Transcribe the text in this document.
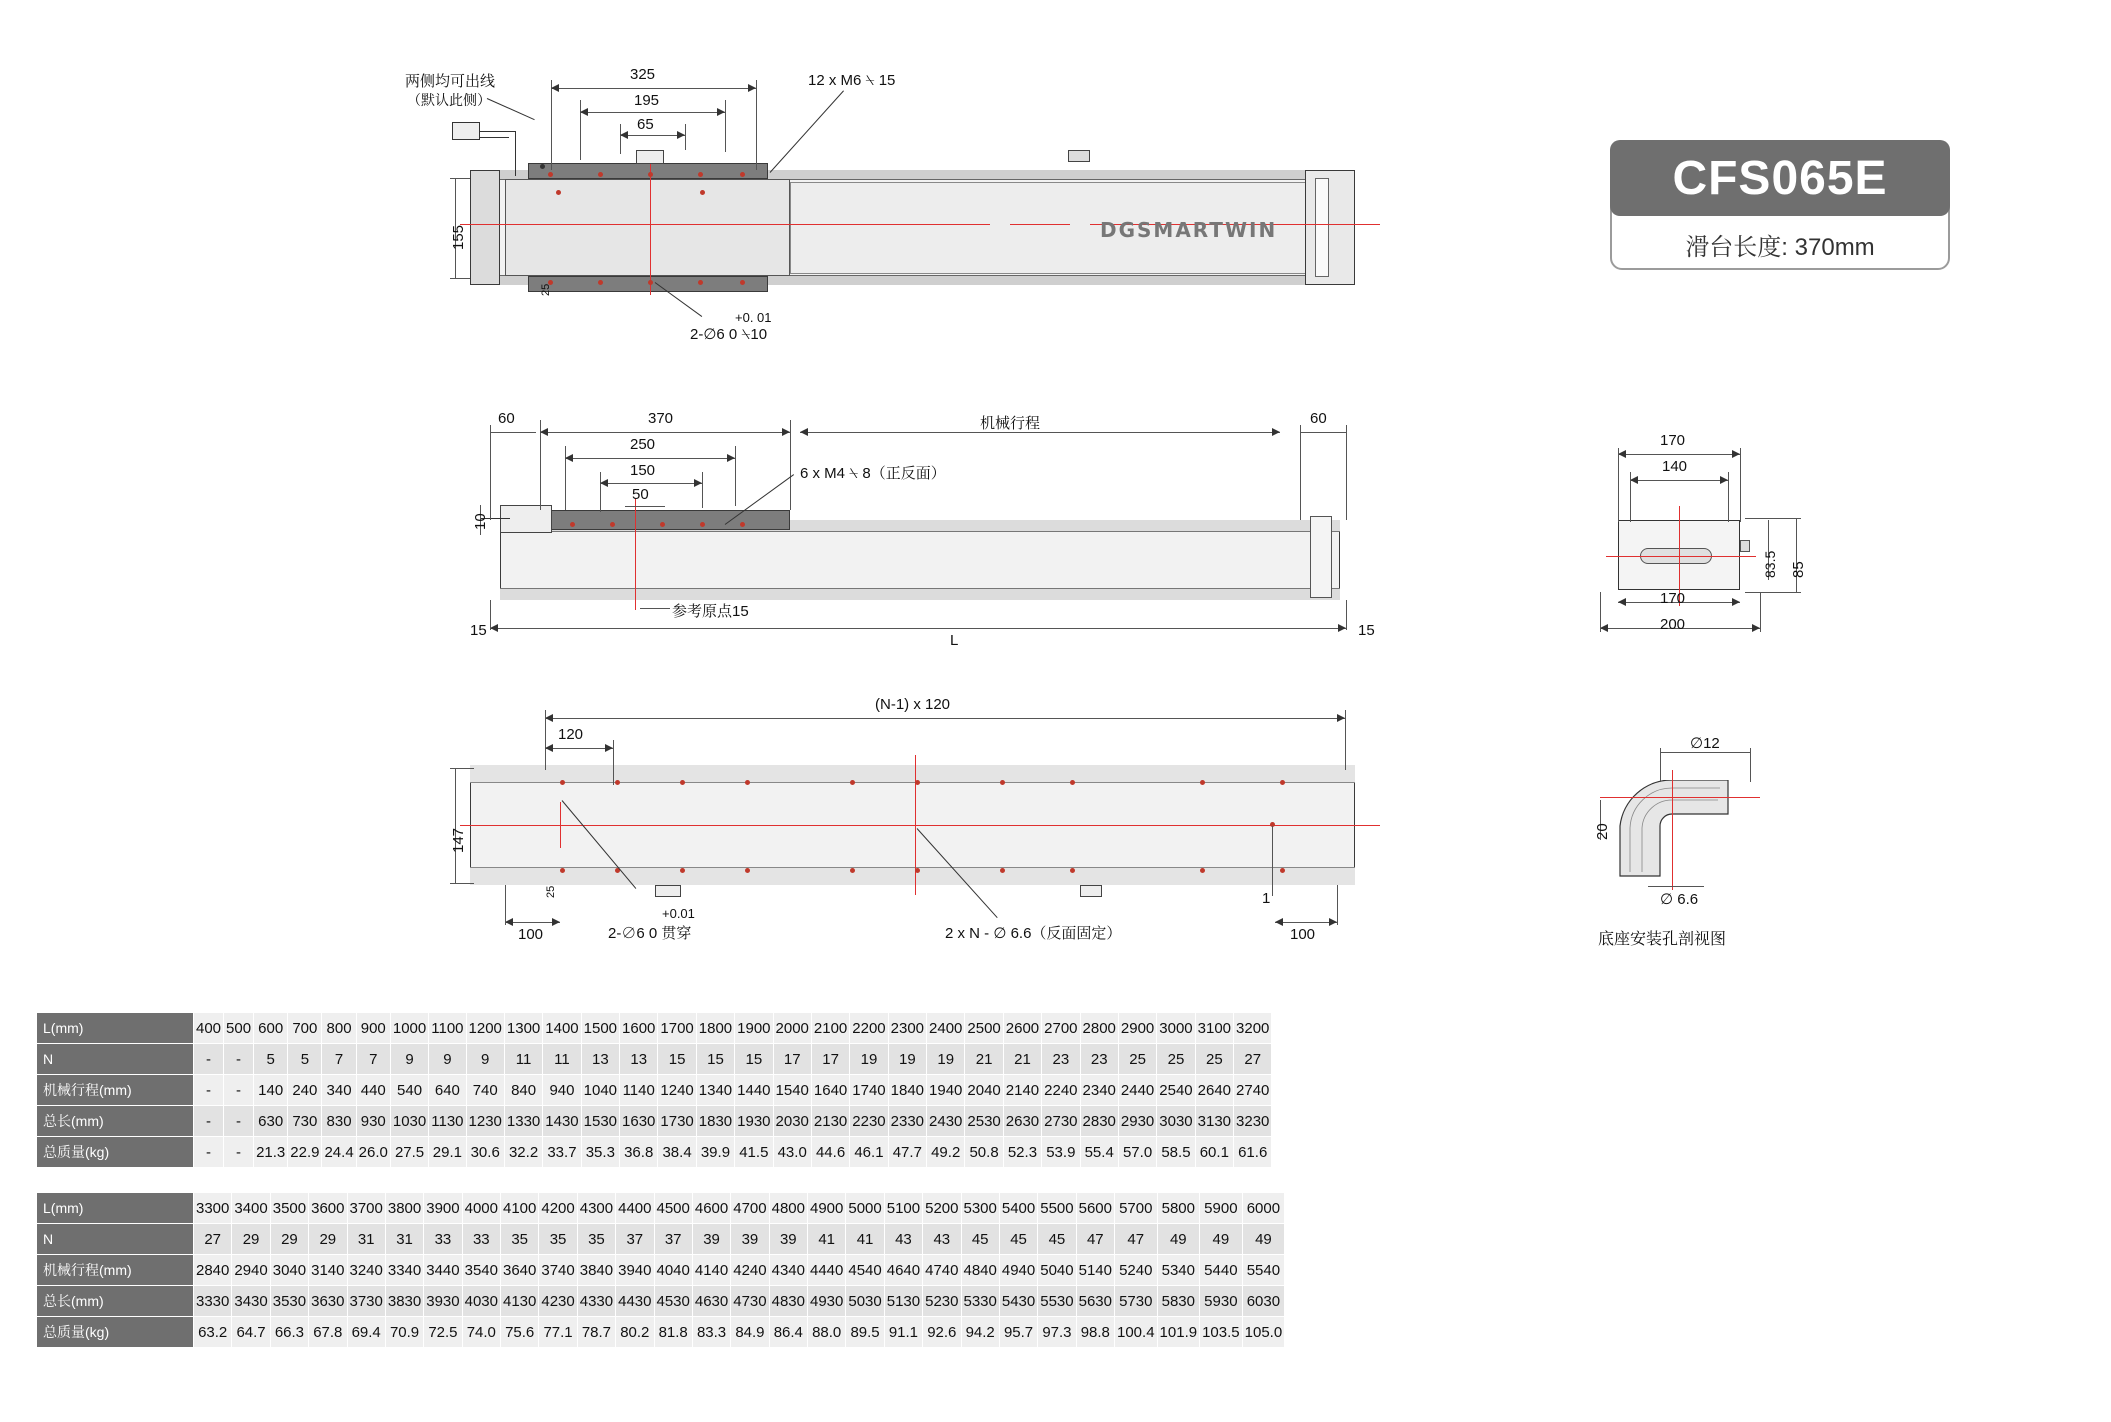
CFS065E
滑台长度: 370mm
325
195
65
155
25
两侧均可出线
（默认此侧）
12 x M6 ⍀ 15
+0. 01
2-∅6 0 ⍀10
DGSMARTWIN
370
250
150
50
60	60
10
机械行程
6 x M4 ⍀ 8（正反面）
参考原点15
L
15	15
(N-1) x 120
120
147
25
100	100
1
+0.01
2-∅6 0 贯穿	2 x N - ∅ 6.6（反面固定）
170
140
83.5 85
170
200
∅12
20
∅ 6.6
底座安装孔剖视图
L(mm)	400	500	600	700	800	900	1000	1100	1200	1300	1400	1500	1600	1700	1800	1900	2000	2100	2200	2300	2400	2500	2600	2700	2800	2900	3000	3100	3200
N	-	-	5	5	7	7	9	9	9	11	11	13	13	15	15	15	17	17	19	19	19	21	21	23	23	25	25	25	27
机械行程(mm)	-	-	140	240	340	440	540	640	740	840	940	1040	1140	1240	1340	1440	1540	1640	1740	1840	1940	2040	2140	2240	2340	2440	2540	2640	2740
总长(mm)	-	-	630	730	830	930	1030	1130	1230	1330	1430	1530	1630	1730	1830	1930	2030	2130	2230	2330	2430	2530	2630	2730	2830	2930	3030	3130	3230
总质量(kg)	-	-	21.3	22.9	24.4	26.0	27.5	29.1	30.6	32.2	33.7	35.3	36.8	38.4	39.9	41.5	43.0	44.6	46.1	47.7	49.2	50.8	52.3	53.9	55.4	57.0	58.5	60.1	61.6
L(mm)	3300	3400	3500	3600	3700	3800	3900	4000	4100	4200	4300	4400	4500	4600	4700	4800	4900	5000	5100	5200	5300	5400	5500	5600	5700	5800	5900	6000	
N	27	29	29	29	31	31	33	33	35	35	35	37	37	39	39	39	41	41	43	43	45	45	45	47	47	49	49	49	
机械行程(mm)	2840	2940	3040	3140	3240	3340	3440	3540	3640	3740	3840	3940	4040	4140	4240	4340	4440	4540	4640	4740	4840	4940	5040	5140	5240	5340	5440	5540	
总长(mm)	3330	3430	3530	3630	3730	3830	3930	4030	4130	4230	4330	4430	4530	4630	4730	4830	4930	5030	5130	5230	5330	5430	5530	5630	5730	5830	5930	6030	
总质量(kg)	63.2	64.7	66.3	67.8	69.4	70.9	72.5	74.0	75.6	77.1	78.7	80.2	81.8	83.3	84.9	86.4	88.0	89.5	91.1	92.6	94.2	95.7	97.3	98.8	100.4	101.9	103.5	105.0	
